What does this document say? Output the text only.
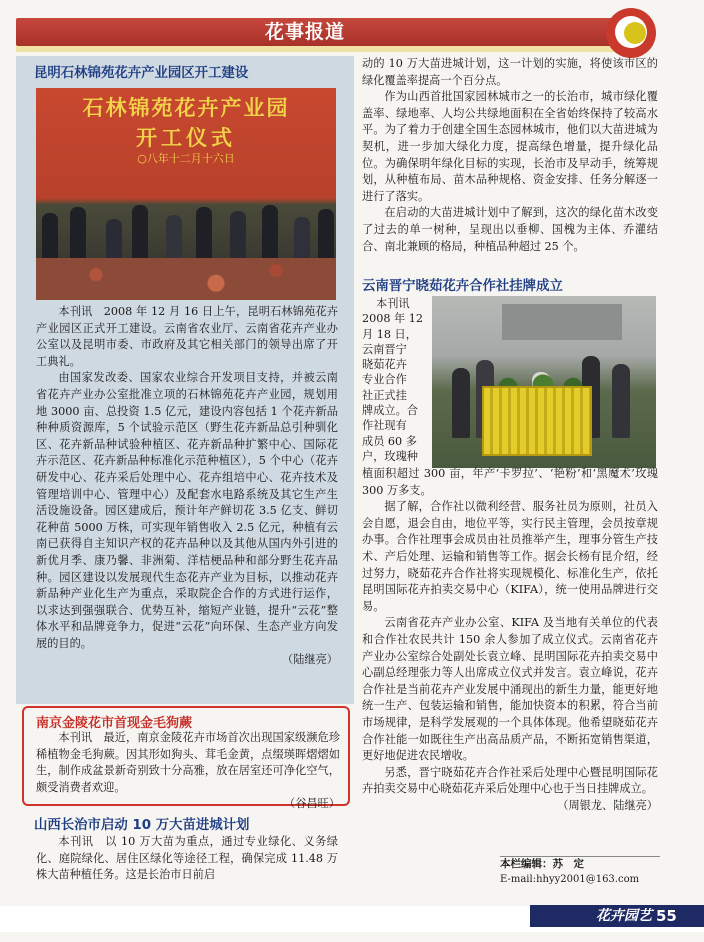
花事报道
昆明石林锦苑花卉产业园区开工建设
石林锦苑花卉产业园
开工仪式
○八年十二月十六日

本刊讯　2008 年 12 月 16 日上午，昆明石林锦苑花卉产业园区正式开工建设。云南省农业厅、云南省花卉产业办公室以及昆明市委、市政府及其它相关部门的领导出席了开工典礼。

由国家发改委、国家农业综合开发项目支持，并被云南省花卉产业办公室批准立项的石林锦苑花卉产业园，规划用地 3000 亩、总投资 1.5 亿元，建设内容包括 1 个花卉新品种种质资源库，5 个试验示范区（野生花卉新品总引种驯化区、花卉新品种试验种植区、花卉新品种扩繁中心、国际花卉示范区、花卉新品种标准化示范种植区），5 个中心（花卉研发中心、花卉采后处理中心、花卉组培中心、花卉技术及管理培训中心、管理中心）及配套水电路系统及其它生产生活设施设备。园区建成后，预计年产鲜切花 3.5 亿支、鲜切花种苗 5000 万株，可实现年销售收入 2.5 亿元，种植有云南已获得自主知识产权的花卉品种以及其他从国内外引进的新优月季、康乃馨、非洲菊、洋桔梗品种和部分野生花卉品种。园区建设以发展现代生态花卉产业为目标，以推动花卉新品种产业化生产为重点，采取院企合作的方式进行运作，以求达到强强联合、优势互补，缩短产业链，提升“云花”整体水平和品牌竞争力，促进“云花”向环保、生态产业方向发展的目的。

（陆继亮）
南京金陵花市首现金毛狗蕨

本刊讯　最近，南京金陵花卉市场首次出现国家级濒危珍稀植物金毛狗蕨。因其形如狗头、茸毛金黄，点缀瑛晖熠熠如生，制作成盆景新奇别致十分高雅，放在居室还可净化空气，颇受消费者欢迎。

（谷昌旺）
山西长治市启动 10 万大苗进城计划

本刊讯　以 10 万大苗为重点，通过专业绿化、义务绿化、庭院绿化、居住区绿化等途径工程，确保完成 11.48 万株大苗种植任务。这是长治市日前启

动的 10 万大苗进城计划，这一计划的实施，将使该市区的绿化覆盖率提高一个百分点。

作为山西首批国家园林城市之一的长治市，城市绿化覆盖率、绿地率、人均公共绿地面积在全省始终保持了较高水平。为了着力于创建全国生态园林城市，他们以大苗进城为契机，进一步加大绿化力度，提高绿色增量，提升绿化品位。为确保明年绿化目标的实现，长治市及早动手，统筹规划，从种植布局、苗木品种规格、资金安排、任务分解逐一进行了落实。

在启动的大苗进城计划中了解到，这次的绿化苗木改变了过去的单一树种，呈现出以垂柳、国槐为主体、乔灌结合、南北兼顾的格局，种植品种超过 25 个。

云南晋宁晓茹花卉合作社挂牌成立
本刊讯
2008 年 12
月 18 日，
云南晋宁
晓茹花卉
专业合作
社正式挂
牌成立。合
作社现有
成员 60 多
户，玫瑰种
植面积超过 300 亩，年产‘卡罗拉’、‘艳粉’和‘黑魔术’玫瑰 300 万多支。

据了解，合作社以微利经营、服务社员为原则，社员入会自愿，退会自由，地位平等，实行民主管理，会员按章规办事。合作社理事会成员由社员推举产生，理事分管生产技术、产后处理、运输和销售等工作。据会长杨有昆介绍，经过努力，晓茹花卉合作社将实现规模化、标准化生产，依托昆明国际花卉拍卖交易中心（KIFA），统一使用品牌进行交易。

云南省花卉产业办公室、KIFA 及当地有关单位的代表和合作社农民共计 150 余人参加了成立仪式。云南省花卉产业办公室综合处副处长袁立峰、昆明国际花卉拍卖交易中心副总经理张力等人出席成立仪式并发言。袁立峰说，花卉合作社是当前花卉产业发展中涌现出的新生力量，能更好地统一生产、包装运输和销售，能加快资本的积累，符合当前市场规律，是科学发展观的一个具体体现。他希望晓茹花卉合作社能一如既往生产出高品质产品，不断拓宽销售渠道，更好地促进农民增收。

另悉，晋宁晓茹花卉合作社采后处理中心暨昆明国际花卉拍卖交易中心晓茹花卉采后处理中心也于当日挂牌成立。

（周银龙、陆继亮）
本栏编辑：苏　定
E-mail:hhyy2001@163.com
花卉园艺 55
